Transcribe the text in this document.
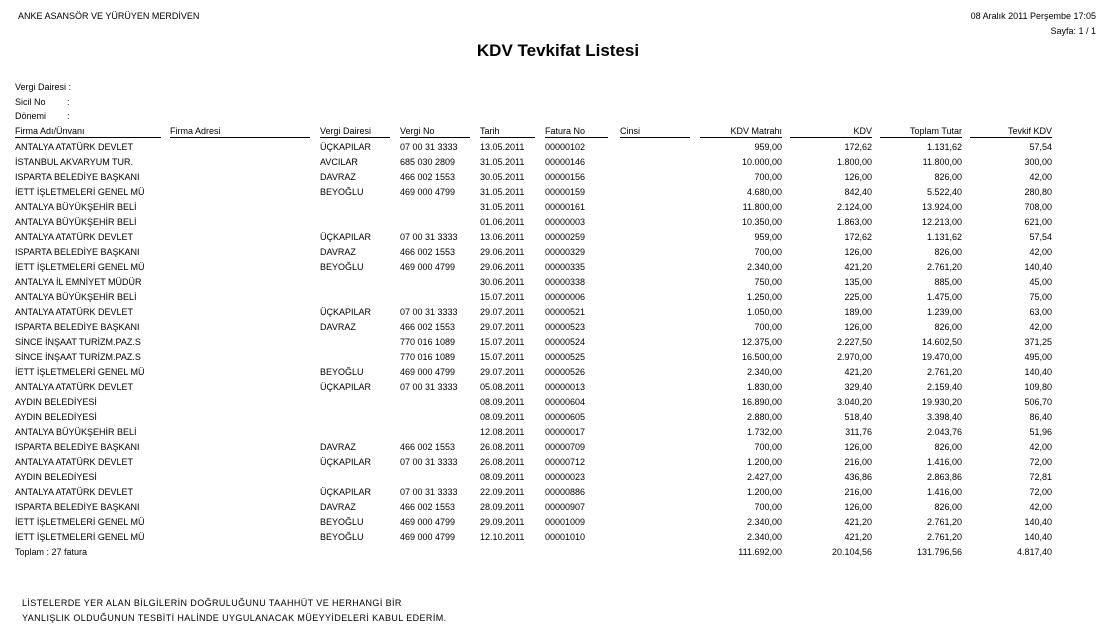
ANKE ASANSÖR VE YÜRÜYEN MERDİVEN	08 Aralık 2011 Perşembe 17:05
Sayfa: 1 / 1
KDV Tevkifat Listesi
Vergi Dairesi :
Sicil No :
Dönemi :
Firma Adı/Ünvanı	Firma Adresi	Vergi Dairesi	Vergi No	Tarih	Fatura No	Cinsi	KDV Matrahı	KDV	Toplam Tutar	Tevkif KDV
ANTALYA ATATÜRK DEVLET	ÜÇKAPILAR	07 00 31 3333	13.05.2011	00000102	959,00	172,62	1.131,62	57,54
İSTANBUL AKVARYUM TUR.	AVCILAR	685 030 2809	31.05.2011	00000146	10.000,00	1.800,00	11.800,00	300,00
ISPARTA BELEDİYE BAŞKANI	DAVRAZ	466 002 1553	30.05.2011	00000156	700,00	126,00	826,00	42,00
İETT İŞLETMELERİ GENEL MÜ	BEYOĞLU	469 000 4799	31.05.2011	00000159	4.680,00	842,40	5.522,40	280,80
ANTALYA BÜYÜKŞEHİR BELİ	31.05.2011	00000161	11.800,00	2.124,00	13.924,00	708,00
ANTALYA BÜYÜKŞEHİR BELİ	01.06.2011	00000003	10.350,00	1.863,00	12.213,00	621,00
ANTALYA ATATÜRK DEVLET	ÜÇKAPILAR	07 00 31 3333	13.06.2011	00000259	959,00	172,62	1.131,62	57,54
ISPARTA BELEDİYE BAŞKANI	DAVRAZ	466 002 1553	29.06.2011	00000329	700,00	126,00	826,00	42,00
İETT İŞLETMELERİ GENEL MÜ	BEYOĞLU	469 000 4799	29.06.2011	00000335	2.340,00	421,20	2.761,20	140,40
ANTALYA İL EMNİYET MÜDÜR	30.06.2011	00000338	750,00	135,00	885,00	45,00
ANTALYA BÜYÜKŞEHİR BELİ	15.07.2011	00000006	1.250,00	225,00	1.475,00	75,00
ANTALYA ATATÜRK DEVLET	ÜÇKAPILAR	07 00 31 3333	29.07.2011	00000521	1.050,00	189,00	1.239,00	63,00
ISPARTA BELEDİYE BAŞKANI	DAVRAZ	466 002 1553	29.07.2011	00000523	700,00	126,00	826,00	42,00
SİNCE İNŞAAT TURİZM.PAZ.S	770 016 1089	15.07.2011	00000524	12.375,00	2.227,50	14.602,50	371,25
SİNCE İNŞAAT TURİZM.PAZ.S	770 016 1089	15.07.2011	00000525	16.500,00	2.970,00	19.470,00	495,00
İETT İŞLETMELERİ GENEL MÜ	BEYOĞLU	469 000 4799	29.07.2011	00000526	2.340,00	421,20	2.761,20	140,40
ANTALYA ATATÜRK DEVLET	ÜÇKAPILAR	07 00 31 3333	05.08.2011	00000013	1.830,00	329,40	2.159,40	109,80
AYDIN BELEDİYESİ	08.09.2011	00000604	16.890,00	3.040,20	19.930,20	506,70
AYDIN BELEDİYESİ	08.09.2011	00000605	2.880,00	518,40	3.398,40	86,40
ANTALYA BÜYÜKŞEHİR BELİ	12.08.2011	00000017	1.732,00	311,76	2.043,76	51,96
ISPARTA BELEDİYE BAŞKANI	DAVRAZ	466 002 1553	26.08.2011	00000709	700,00	126,00	826,00	42,00
ANTALYA ATATÜRK DEVLET	ÜÇKAPILAR	07 00 31 3333	26.08.2011	00000712	1.200,00	216,00	1.416,00	72,00
AYDIN BELEDİYESİ	08.09.2011	00000023	2.427,00	436,86	2.863,86	72,81
ANTALYA ATATÜRK DEVLET	ÜÇKAPILAR	07 00 31 3333	22.09.2011	00000886	1.200,00	216,00	1.416,00	72,00
ISPARTA BELEDİYE BAŞKANI	DAVRAZ	466 002 1553	28.09.2011	00000907	700,00	126,00	826,00	42,00
İETT İŞLETMELERİ GENEL MÜ	BEYOĞLU	469 000 4799	29.09.2011	00001009	2.340,00	421,20	2.761,20	140,40
İETT İŞLETMELERİ GENEL MÜ	BEYOĞLU	469 000 4799	12.10.2011	00001010	2.340,00	421,20	2.761,20	140,40
Toplam : 27 fatura	111.692,00	20.104,56	131.796,56	4.817,40
LİSTELERDE YER ALAN BİLGİLERİN DOĞRULUĞUNU TAAHHÜT VE HERHANGİ BİR
YANLIŞLIK OLDUĞUNUN TESBİTİ HALİNDE UYGULANACAK MÜEYYİDELERİ KABUL EDERİM.
